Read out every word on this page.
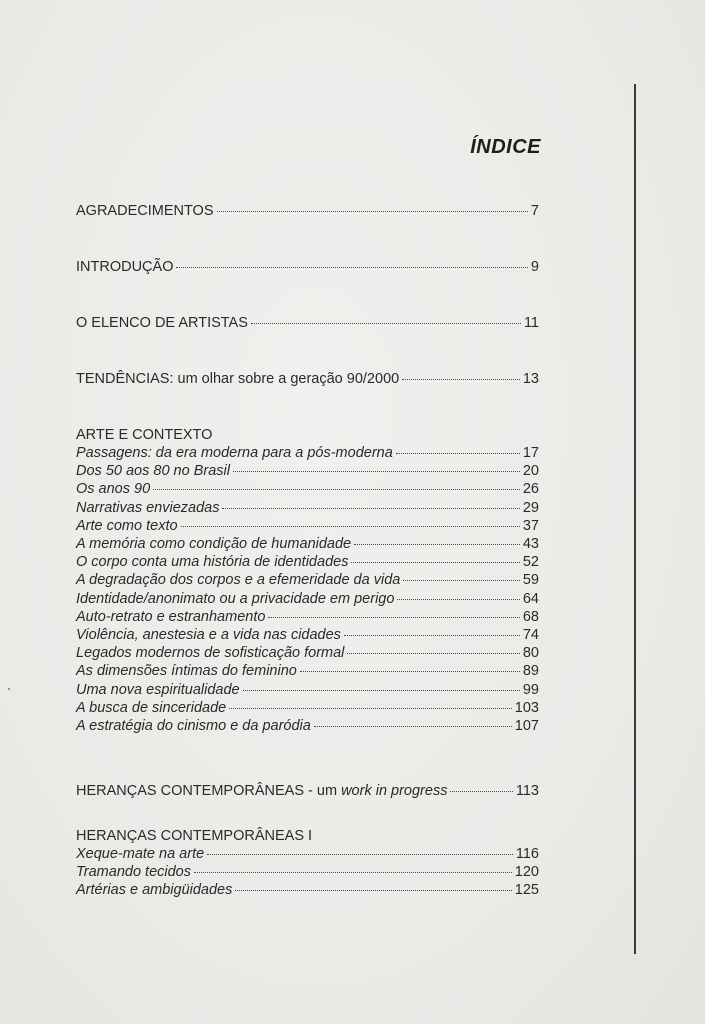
ÍNDICE
AGRADECIMENTOS	7
INTRODUÇÃO	9
O ELENCO DE ARTISTAS	11
TENDÊNCIAS: um olhar sobre a geração 90/2000	13
ARTE E CONTEXTO
Passagens: da era moderna para a pós-moderna	17
Dos 50 aos 80 no Brasil	20
Os anos 90	26
Narrativas enviezadas	29
Arte como texto	37
A memória como condição de humanidade	43
O corpo conta uma história de identidades	52
A degradação dos corpos e a efemeridade da vida	59
Identidade/anonimato ou a privacidade em perigo	64
Auto-retrato e estranhamento	68
Violência, anestesia e a vida nas cidades	74
Legados modernos de sofisticação formal	80
As dimensões íntimas do feminino	89
Uma nova espiritualidade	99
A busca de sinceridade	103
A estratégia do cinismo e da paródia	107
HERANÇAS CONTEMPORÂNEAS - um work in progress	113
HERANÇAS CONTEMPORÂNEAS I
Xeque-mate na arte	116
Tramando tecidos	120
Artérias e ambigüidades	125
